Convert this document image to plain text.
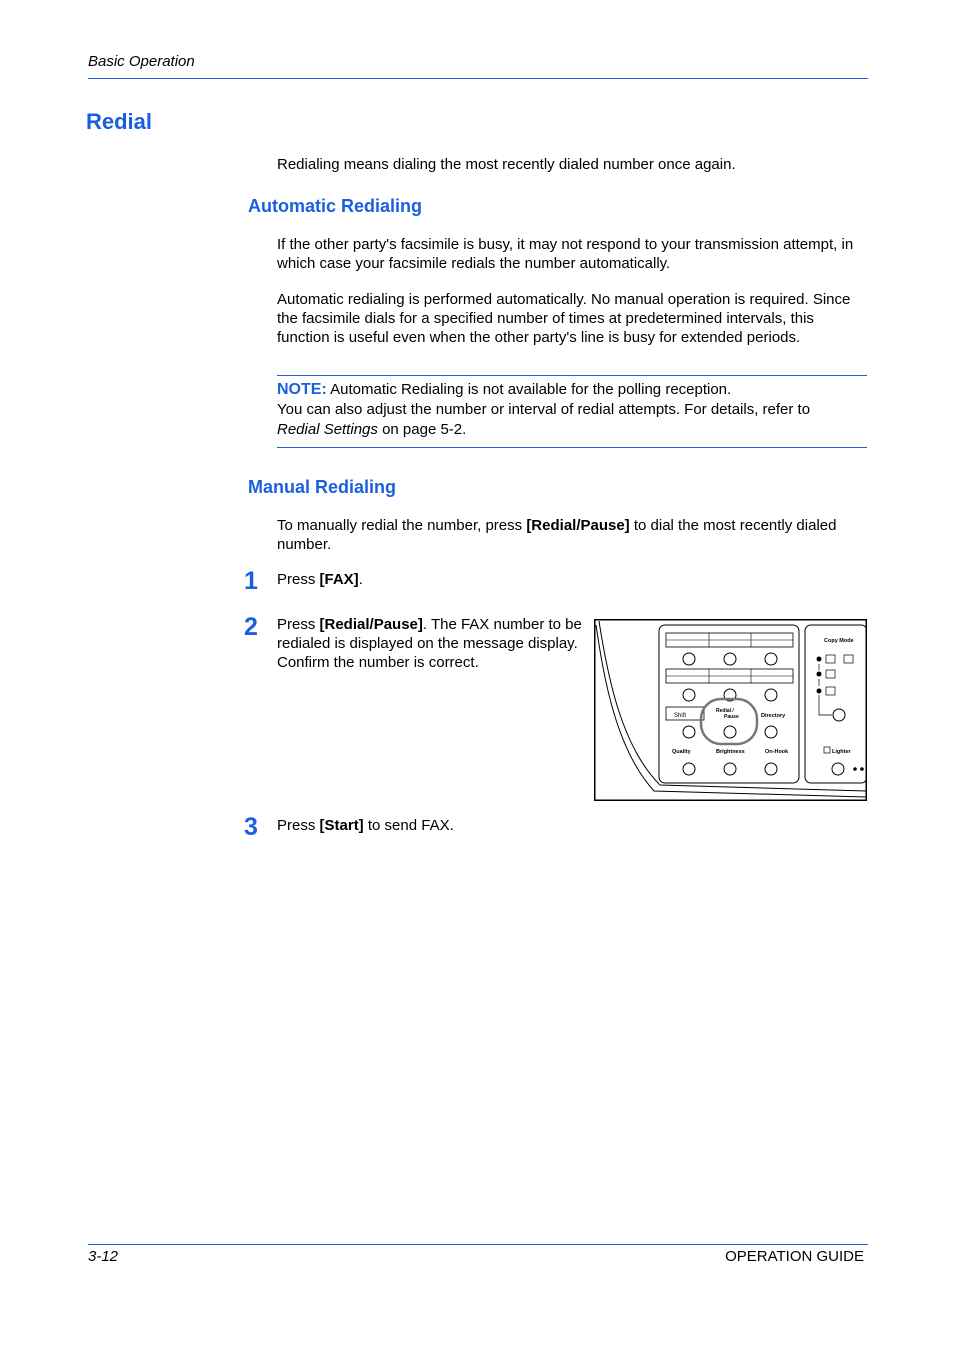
Basic Operation
Redial
Redialing means dialing the most recently dialed number once again.
Automatic Redialing
If the other party's facsimile is busy, it may not respond to your transmission attempt, in which case your facsimile redials the number automatically.
Automatic redialing is performed automatically. No manual operation is required. Since the facsimile dials for a specified number of times at predetermined intervals, this function is useful even when the other party's line is busy for extended periods.
NOTE: Automatic Redialing is not available for the polling reception.
You can also adjust the number or interval of redial attempts. For details, refer to
Redial Settings on page 5-2.
Manual Redialing
To manually redial the number, press [Redial/Pause] to dial the most recently dialed number.
1 Press [FAX].
2 Press [Redial/Pause]. The FAX number to be redialed is displayed on the message display. Confirm the number is correct.
3 Press [Start] to send FAX.
Shift
Redial /
Pause	Directory
Quality	Brightness	On-Hook
Copy Mode
Lighter
3-12	OPERATION GUIDE
